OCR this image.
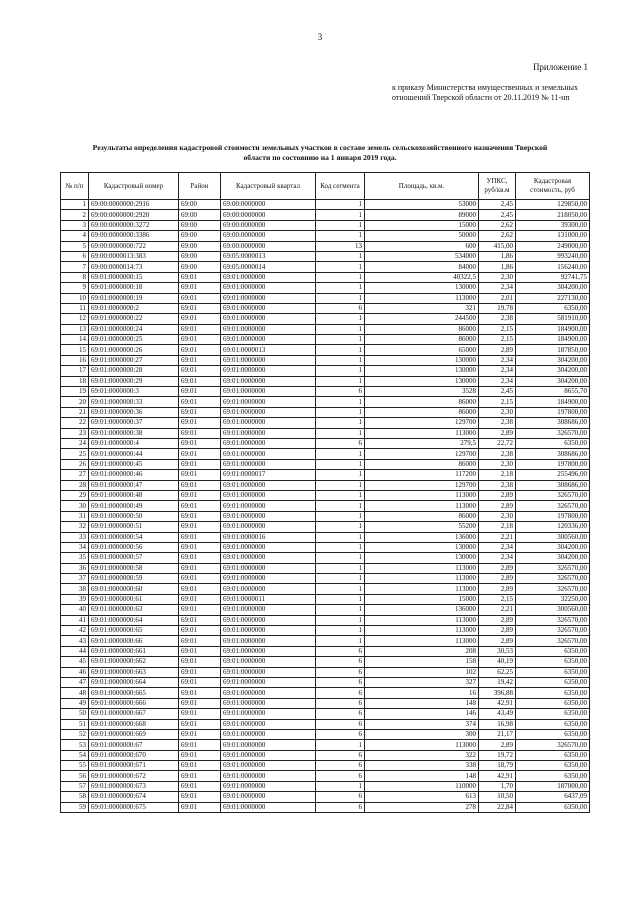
3
Приложение 1
к приказу Министерства имущественных и земельных
отношений Тверской области от 20.11.2019 № 11-нп
Результаты определения кадастровой стоимости земельных участков в составе земель сельскохозяйственного назначения Тверской
области по состоянию на 1 января 2019 года.
№ п/п	Кадастровый номер	Район	Кадастровый квартал	Код сегмента	Площадь, кв.м.	УПКС, руб/кв.м	Кадастровая стоимость, руб
1	69:00:0000000:2916	69:00	69:00:0000000	1	53000	2,45	129850,00
2	69:00:0000000:2920	69:00	69:00:0000000	1	89000	2,45	218050,00
3	69:00:0000000:3272	69:00	69:00:0000000	1	15000	2,62	39300,00
4	69:00:0000000:3386	69:00	69:00:0000000	1	50000	2,62	131000,00
5	69:00:0000000:722	69:00	69:00:0000000	13	600	415,00	249000,00
6	69:00:0000013:383	69:00	69:05:0000013	1	534000	1,86	993240,00
7	69:00:0000014:73	69:00	69:05:0000014	1	84000	1,86	156240,00
8	69:01:0000000:15	69:01	69:01:0000000	1	40322,5	2,30	92741,75
9	69:01:0000000:18	69:01	69:01:0000000	1	130000	2,34	304200,00
10	69:01:0000000:19	69:01	69:01:0000000	1	113000	2,01	227130,00
11	69:01:0000000:2	69:01	69:01:0000000	6	321	19,78	6350,00
12	69:01:0000000:22	69:01	69:01:0000000	1	244500	2,38	581910,00
13	69:01:0000000:24	69:01	69:01:0000000	1	86000	2,15	184900,00
14	69:01:0000000:25	69:01	69:01:0000000	1	86000	2,15	184900,00
15	69:01:0000000:26	69:01	69:01:0000013	1	65000	2,89	187850,00
16	69:01:0000000:27	69:01	69:01:0000000	1	130000	2,34	304200,00
17	69:01:0000000:28	69:01	69:01:0000000	1	130000	2,34	304200,00
18	69:01:0000000:29	69:01	69:01:0000000	1	130000	2,34	304200,00
19	69:01:0000000:3	69:01	69:01:0000000	6	3528	2,45	8655,70
20	69:01:0000000:33	69:01	69:01:0000000	1	86000	2,15	184900,00
21	69:01:0000000:36	69:01	69:01:0000000	1	86000	2,30	197800,00
22	69:01:0000000:37	69:01	69:01:0000000	1	129700	2,38	308686,00
23	69:01:0000000:38	69:01	69:01:0000000	1	113000	2,89	326570,00
24	69:01:0000000:4	69:01	69:01:0000000	6	279,5	22,72	6350,00
25	69:01:0000000:44	69:01	69:01:0000000	1	129700	2,38	308686,00
26	69:01:0000000:45	69:01	69:01:0000000	1	86000	2,30	197800,00
27	69:01:0000000:46	69:01	69:01:0000017	1	117200	2,18	255496,00
28	69:01:0000000:47	69:01	69:01:0000000	1	129700	2,38	308686,00
29	69:01:0000000:48	69:01	69:01:0000000	1	113000	2,89	326570,00
30	69:01:0000000:49	69:01	69:01:0000000	1	113000	2,89	326570,00
31	69:01:0000000:50	69:01	69:01:0000000	1	86000	2,30	197800,00
32	69:01:0000000:51	69:01	69:01:0000000	1	55200	2,18	120336,00
33	69:01:0000000:54	69:01	69:01:0000016	1	136000	2,21	300560,00
34	69:01:0000000:56	69:01	69:01:0000000	1	130000	2,34	304200,00
35	69:01:0000000:57	69:01	69:01:0000000	1	130000	2,34	304200,00
36	69:01:0000000:58	69:01	69:01:0000000	1	113000	2,89	326570,00
37	69:01:0000000:59	69:01	69:01:0000000	1	113000	2,89	326570,00
38	69:01:0000000:60	69:01	69:01:0000000	1	113000	2,89	326570,00
39	69:01:0000000:61	69:01	69:01:0000011	1	15000	2,15	32250,00
40	69:01:0000000:63	69:01	69:01:0000000	1	136000	2,21	300560,00
41	69:01:0000000:64	69:01	69:01:0000000	1	113000	2,89	326570,00
42	69:01:0000000:65	69:01	69:01:0000000	1	113000	2,89	326570,00
43	69:01:0000000:66	69:01	69:01:0000000	1	113000	2,89	326570,00
44	69:01:0000000:661	69:01	69:01:0000000	6	208	30,53	6350,00
45	69:01:0000000:662	69:01	69:01:0000000	6	158	40,19	6350,00
46	69:01:0000000:663	69:01	69:01:0000000	6	102	62,25	6350,00
47	69:01:0000000:664	69:01	69:01:0000000	6	327	19,42	6350,00
48	69:01:0000000:665	69:01	69:01:0000000	6	16	396,88	6350,00
49	69:01:0000000:666	69:01	69:01:0000000	6	148	42,91	6350,00
50	69:01:0000000:667	69:01	69:01:0000000	6	146	43,49	6350,00
51	69:01:0000000:668	69:01	69:01:0000000	6	374	16,98	6350,00
52	69:01:0000000:669	69:01	69:01:0000000	6	300	21,17	6350,00
53	69:01:0000000:67	69:01	69:01:0000000	1	113000	2,89	326570,00
54	69:01:0000000:670	69:01	69:01:0000000	6	322	19,72	6350,00
55	69:01:0000000:671	69:01	69:01:0000000	6	338	18,79	6350,00
56	69:01:0000000:672	69:01	69:01:0000000	6	148	42,91	6350,00
57	69:01:0000000:673	69:01	69:01:0000000	1	110000	1,70	187000,00
58	69:01:0000000:674	69:01	69:01:0000000	6	613	10,50	6437,09
59	69:01:0000000:675	69:01	69:01:0000000	6	278	22,84	6350,00
